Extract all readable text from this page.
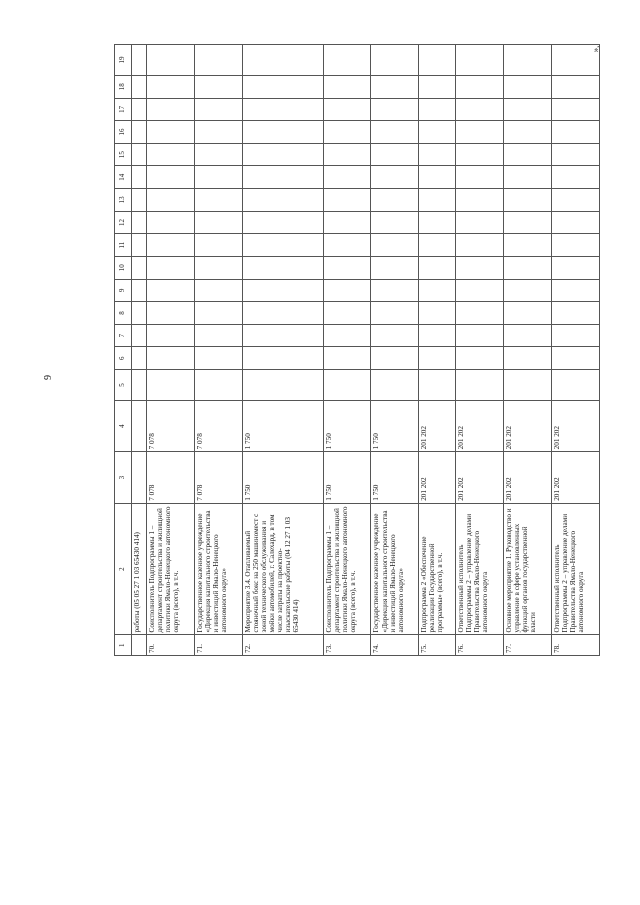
9
»,
1	2	3	4	5	6	7	8	9	10	11	12	13	14	15	16	17	18	19
	работы (05 05 27 1 03 65430 414)																	
70.	Соисполнитель Подпрограммы 1 – департамент строительства и жилищной политики Ямало-Ненецкого автономного округа (всего), в т.ч.	7 078	7 078															
71.	Государственное казенное учреждение «Дирекция капитального строительства и инвестиций Ямало-Ненецкого автономного округа»	7 078	7 078															
72.	Мероприятие 3.4. Отапливаемый стояночный бокс на 250 машиномест с зоной технического обслуживания и мойки автомобилей, г. Салехард, в том числе затраты на проектно-изыскательские работы (04 12 27 1 03 65430 414)	1 750	1 750															
73.	Соисполнитель Подпрограммы 1 – департамент строительства и жилищной политики Ямало-Ненецкого автономного округа (всего), в т.ч.	1 750	1 750															
74.	Государственное казенное учреждение «Дирекция капитального строительства и инвестиций Ямало-Ненецкого автономного округа»	1 750	1 750															
75.	Подпрограмма 2 «Обеспечение реализации Государственной программы» (всего), в т.ч.	201 202	201 202															
76.	Ответственный исполнитель Подпрограммы 2 – управление делами Правительства Ямало-Ненецкого автономного округа	201 202	201 202															
77.	Основное мероприятие 1. Руководство и управление в сфере установленных функций органов государственной власти	201 202	201 202															
78.	Ответственный исполнитель Подпрограммы 2 – управление делами Правительства Ямало-Ненецкого автономного округа	201 202	201 202															
